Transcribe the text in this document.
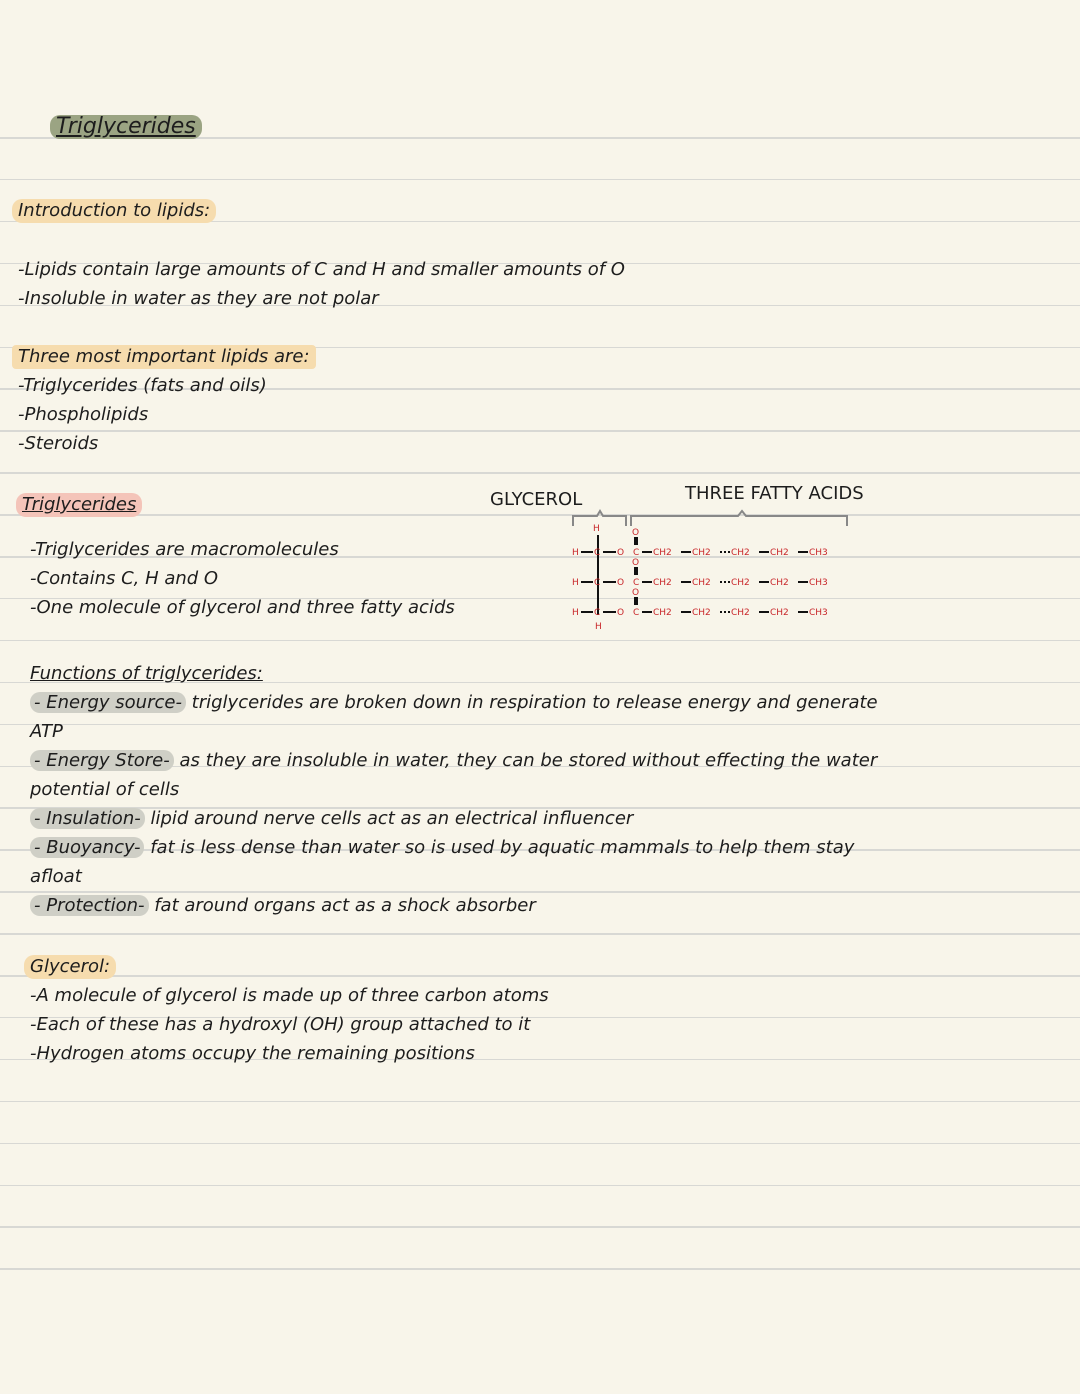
Triglycerides
Introduction to lipids:
-Lipids contain large amounts of C and H and smaller amounts of O
-Insoluble in water as they are not polar
Three most important lipids are:
-Triglycerides (fats and oils)
-Phospholipids
-Steroids
Triglycerides
-Triglycerides are macromolecules
-Contains C, H and O
-One molecule of glycerol and three fatty acids
GLYCEROL	THREE FATTY ACIDS
H
H
O
O
O
H C O C CH2 CH2 CH2 CH2 CH3
H C O C CH2 CH2 CH2 CH2 CH3
H C O C CH2 CH2 CH2 CH2 CH3
Functions of triglycerides:
- Energy source- triglycerides are broken down in respiration to release energy and generate
ATP
- Energy Store- as they are insoluble in water, they can be stored without effecting the water
potential of cells
- Insulation- lipid around nerve cells act as an electrical influencer
- Buoyancy- fat is less dense than water so is used by aquatic mammals to help them stay
afloat
- Protection- fat around organs act as a shock absorber
Glycerol:
-A molecule of glycerol is made up of three carbon atoms
-Each of these has a hydroxyl (OH) group attached to it
-Hydrogen atoms occupy the remaining positions
